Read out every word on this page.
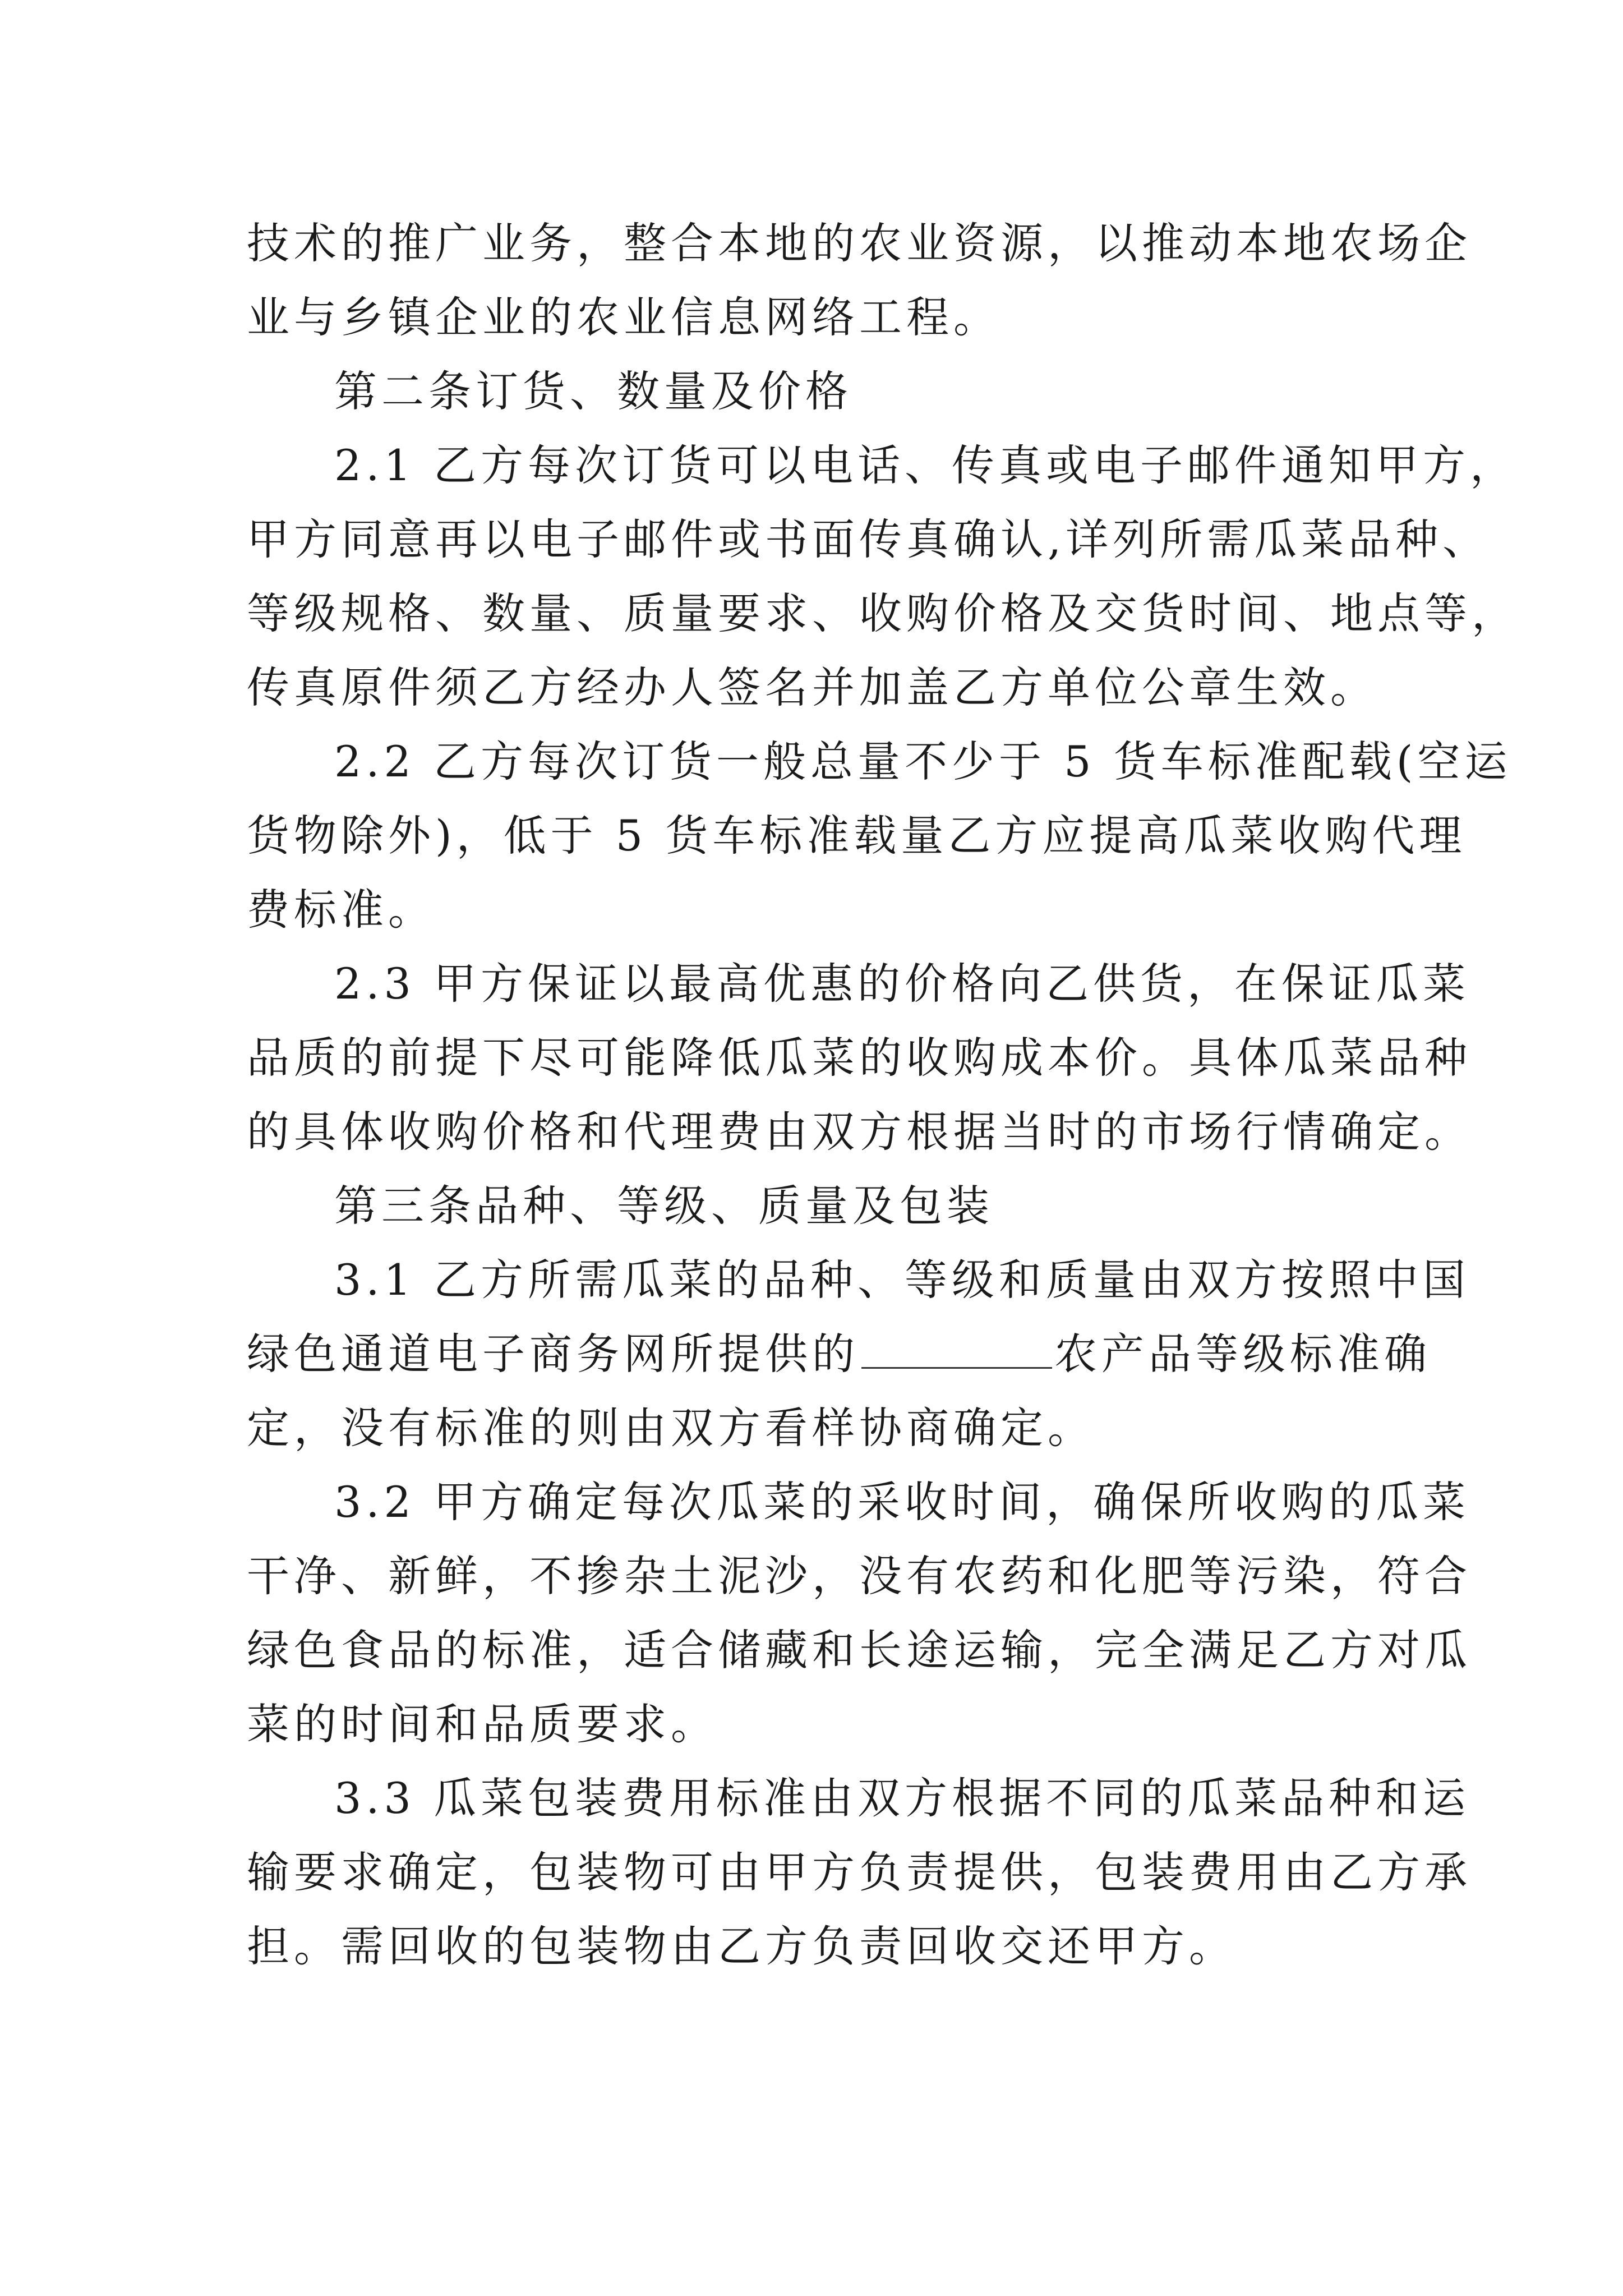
技术的推广业务，整合本地的农业资源，以推动本地农场企
业与乡镇企业的农业信息网络工程。
第二条订货、数量及价格
2.1 乙方每次订货可以电话、传真或电子邮件通知甲方，
甲方同意再以电子邮件或书面传真确认,详列所需瓜菜品种、
等级规格、数量、质量要求、收购价格及交货时间、地点等，
传真原件须乙方经办人签名并加盖乙方单位公章生效。
2.2 乙方每次订货一般总量不少于 5 货车标准配载(空运
货物除外)，低于 5 货车标准载量乙方应提高瓜菜收购代理
费标准。
2.3 甲方保证以最高优惠的价格向乙供货，在保证瓜菜
品质的前提下尽可能降低瓜菜的收购成本价。具体瓜菜品种
的具体收购价格和代理费由双方根据当时的市场行情确定。
第三条品种、等级、质量及包装
3.1 乙方所需瓜菜的品种、等级和质量由双方按照中国
绿色通道电子商务网所提供的	农产品等级标准确
定，没有标准的则由双方看样协商确定。
3.2 甲方确定每次瓜菜的采收时间，确保所收购的瓜菜
干净、新鲜，不掺杂土泥沙，没有农药和化肥等污染，符合
绿色食品的标准，适合储藏和长途运输，完全满足乙方对瓜
菜的时间和品质要求。
3.3 瓜菜包装费用标准由双方根据不同的瓜菜品种和运
输要求确定，包装物可由甲方负责提供，包装费用由乙方承
担。需回收的包装物由乙方负责回收交还甲方。
